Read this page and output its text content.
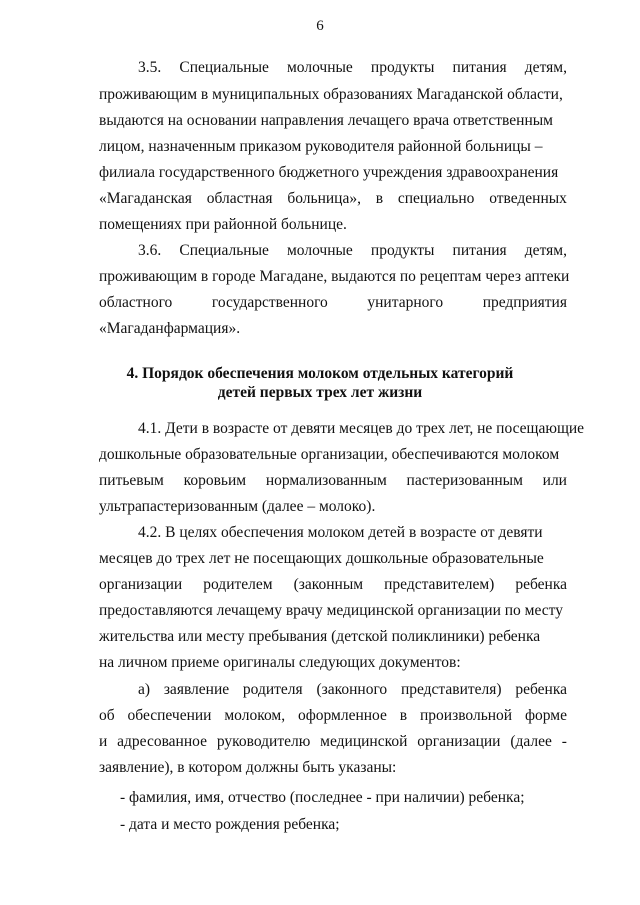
6
3.5. Специальные молочные продукты питания детям,
проживающим в муниципальных образованиях Магаданской области,
выдаются на основании направления лечащего врача ответственным
лицом, назначенным приказом руководителя районной больницы –
филиала государственного бюджетного учреждения здравоохранения
«Магаданская областная больница», в специально отведенных
помещениях при районной больнице.
3.6. Специальные молочные продукты питания детям,
проживающим в городе Магадане, выдаются по рецептам через аптеки
областного	государственного	унитарного	предприятия
«Магаданфармация».
4. Порядок обеспечения молоком отдельных категорий
детей первых трех лет жизни
4.1. Дети в возрасте от девяти месяцев до трех лет, не посещающие
дошкольные образовательные организации, обеспечиваются молоком
питьевым коровьим нормализованным пастеризованным или
ультрапастеризованным (далее – молоко).
4.2. В целях обеспечения молоком детей в возрасте от девяти
месяцев до трех лет не посещающих дошкольные образовательные
организации родителем (законным представителем) ребенка
предоставляются лечащему врачу медицинской организации по месту
жительства или месту пребывания (детской поликлиники) ребенка
на личном приеме оригиналы следующих документов:
а) заявление родителя (законного представителя) ребенка
об обеспечении молоком, оформленное в произвольной форме
и адресованное руководителю медицинской организации (далее -
заявление), в котором должны быть указаны:
- фамилия, имя, отчество (последнее - при наличии) ребенка;
- дата и место рождения ребенка;
